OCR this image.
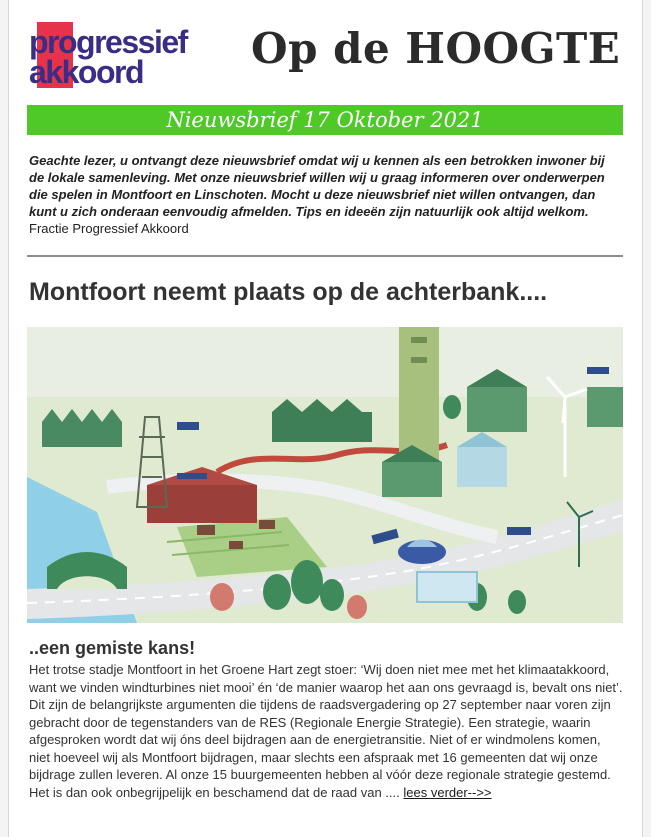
progressief
akkoord	Op de HOOGTE
Nieuwsbrief 17 Oktober 2021
Geachte lezer, u ontvangt deze nieuwsbrief omdat wij u kennen als een betrokken inwoner bij de lokale samenleving. Met onze nieuwsbrief willen wij u graag informeren over onderwerpen die spelen in Montfoort en Linschoten. Mocht u deze nieuwsbrief niet willen ontvangen, dan kunt u zich onderaan eenvoudig afmelden. Tips en ideeën zijn natuurlijk ook altijd welkom. Fractie Progressief Akkoord
Montfoort neemt plaats op de achterbank....
..een gemiste kans!
Het trotse stadje Montfoort in het Groene Hart zegt stoer: ‘Wij doen niet mee met het klimaatakkoord, want we vinden windturbines niet mooi’ én ‘de manier waarop het aan ons gevraagd is, bevalt ons niet’. Dit zijn de belangrijkste argumenten die tijdens de raadsvergadering op 27 september naar voren zijn gebracht door de tegenstanders van de RES (Regionale Energie Strategie). Een strategie, waarin afgesproken wordt dat wij óns deel bijdragen aan de energietransitie. Niet of er windmolens komen, niet hoeveel wij als Montfoort bijdragen, maar slechts een afspraak met 16 gemeenten dat wij onze bijdrage zullen leveren. Al onze 15 buurgemeenten hebben al vóór deze regionale strategie gestemd. Het is dan ook onbegrijpelijk en beschamend dat de raad van .... lees verder-->>
